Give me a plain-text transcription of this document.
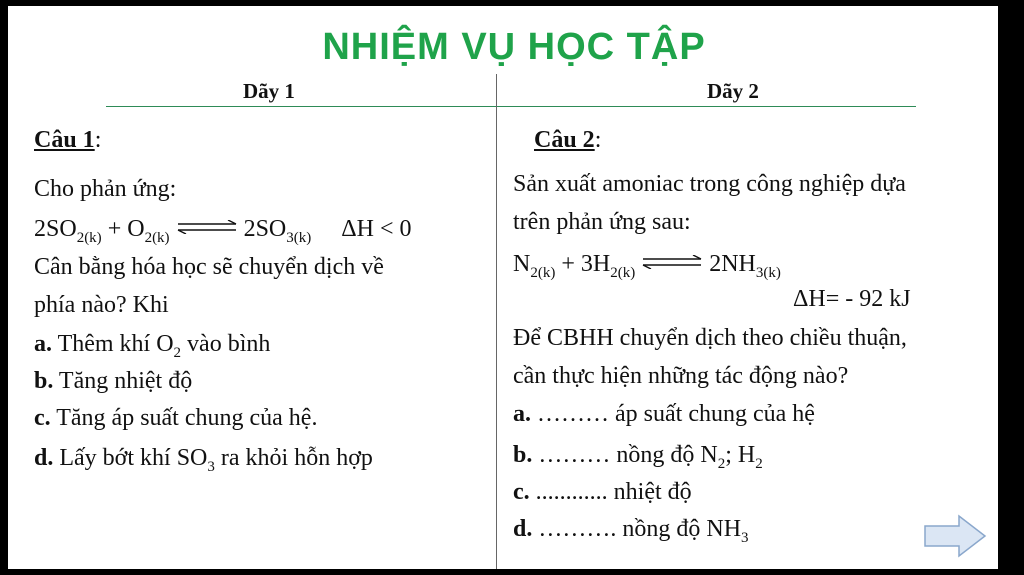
NHIỆM VỤ HỌC TẬP
Dãy 1	Dãy 2
Câu 1:
Cho phản ứng:
$2SO_{2(k)} + O_{2(k)}$ ⇌ $2SO_{3(k)}$ ΔH < 0
Cân bằng hóa học sẽ chuyển dịch về
phía nào? Khi
a. Thêm khí $O_2$ vào bình
b. Tăng nhiệt độ
c. Tăng áp suất chung của hệ.
d. Lấy bớt khí $SO_3$ ra khỏi hỗn hợp
Câu 2:
Sản xuất amoniac trong công nghiệp dựa
trên phản ứng sau:
$N_{2(k)} + 3H_{2(k)}$ ⇌ $2NH_{3(k)}$
ΔH= - 92 kJ
Để CBHH chuyển dịch theo chiều thuận,
cần thực hiện những tác động nào?
a. ……… áp suất chung của hệ
b. ……… nồng độ $N_2$; $H_2$
c. ............ nhiệt độ
d. ………. nồng độ $NH_3$
